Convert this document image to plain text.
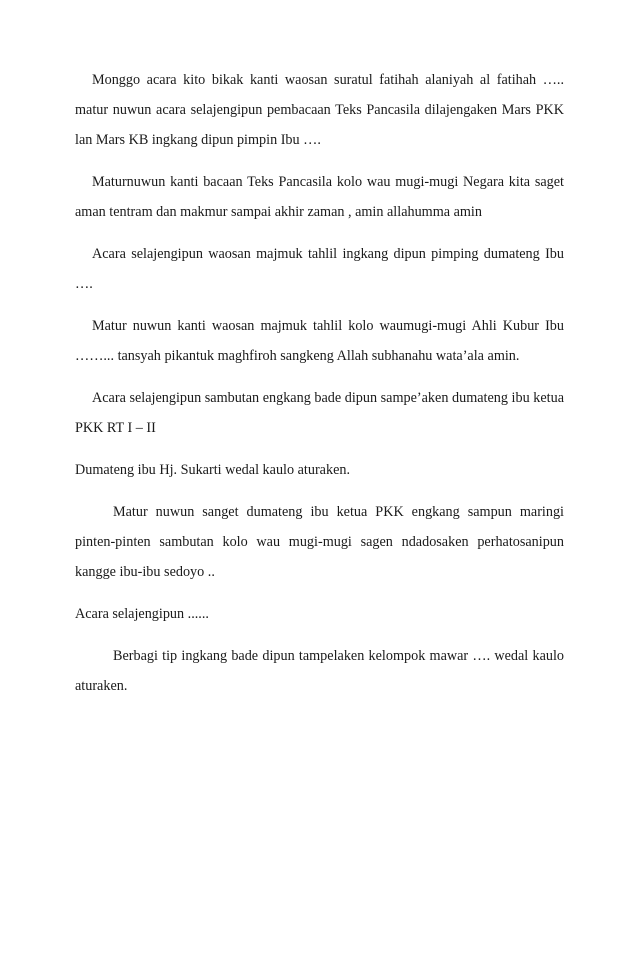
Monggo acara kito bikak kanti waosan suratul fatihah alaniyah al fatihah ….. matur nuwun acara selajengipun pembacaan Teks Pancasila dilajengaken Mars PKK lan Mars KB ingkang dipun pimpin Ibu ….

Maturnuwun kanti bacaan Teks Pancasila kolo wau mugi-mugi Negara kita saget aman tentram dan makmur sampai akhir zaman , amin allahumma amin

Acara selajengipun waosan majmuk tahlil ingkang dipun pimping dumateng Ibu ….

Matur nuwun kanti waosan majmuk tahlil kolo waumugi-mugi Ahli Kubur Ibu ……... tansyah pikantuk maghfiroh sangkeng Allah subhanahu wata’ala amin.

Acara selajengipun sambutan engkang bade dipun sampe’aken dumateng ibu ketua PKK RT I – II

Dumateng ibu Hj. Sukarti wedal kaulo aturaken.

Matur nuwun sanget dumateng ibu ketua PKK engkang sampun maringi pinten-pinten sambutan kolo wau mugi-mugi sagen ndadosaken perhatosanipun kangge ibu-ibu sedoyo ..

Acara selajengipun ......

Berbagi tip ingkang bade dipun tampelaken kelompok mawar …. wedal kaulo aturaken.
